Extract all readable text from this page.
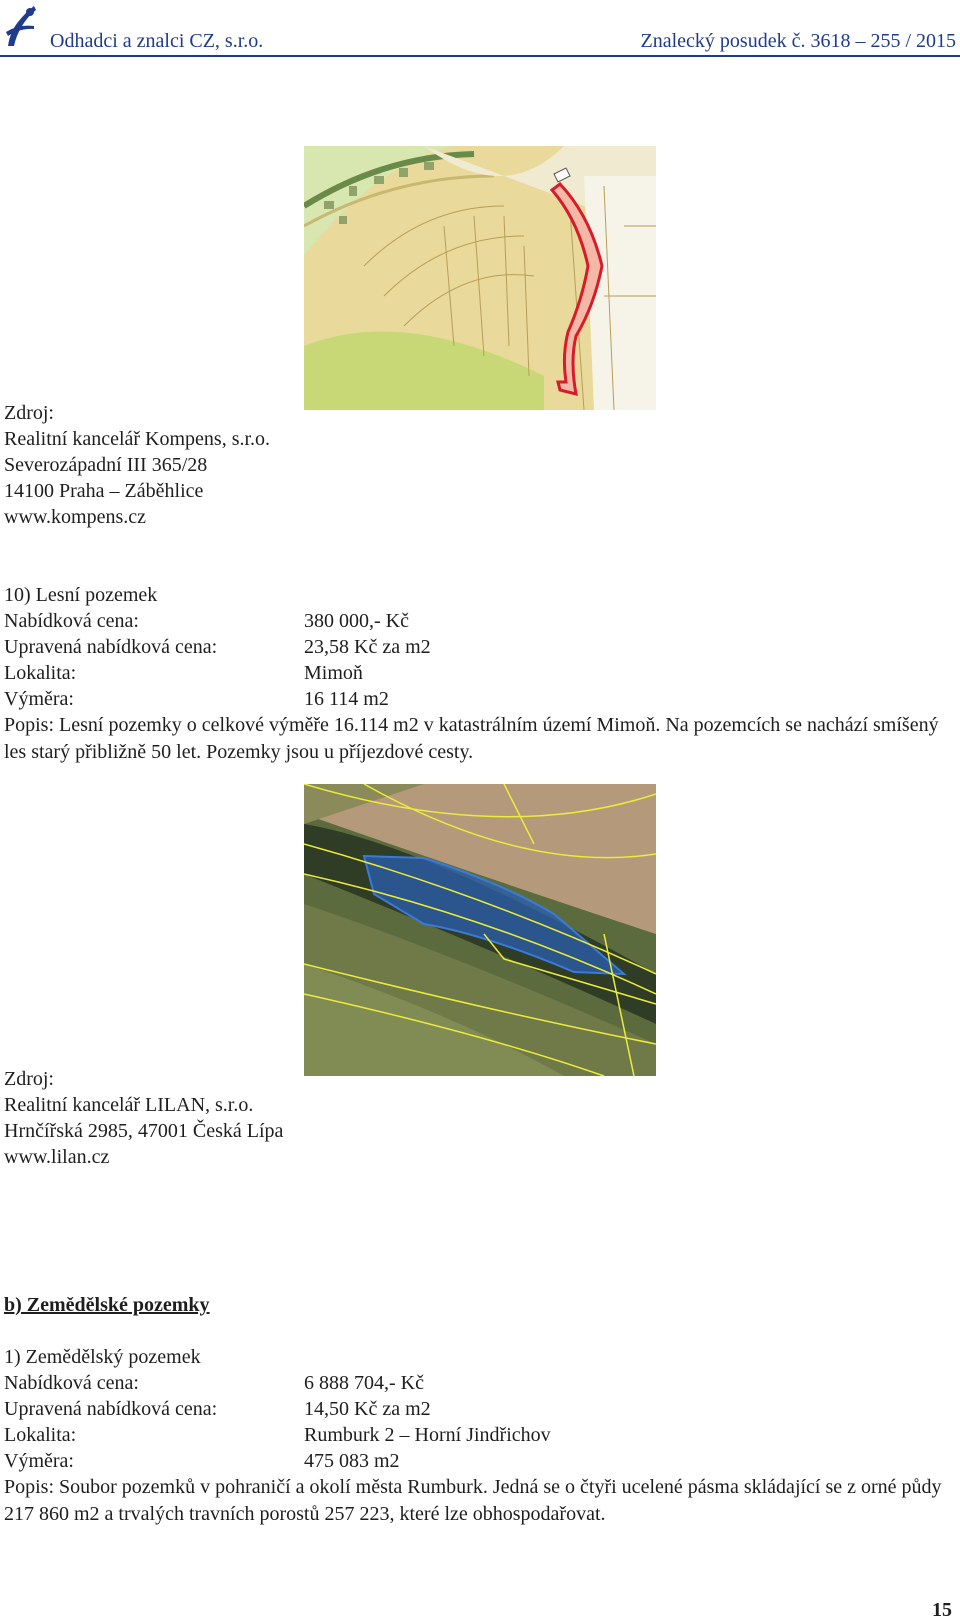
Odhadci a znalci CZ, s.r.o.	Znalecký posudek č. 3618 – 255 / 2015
Zdroj:
Realitní kancelář Kompens, s.r.o.
Severozápadní III 365/28
14100 Praha – Záběhlice
www.kompens.cz
10) Lesní pozemek
Nabídková cena:	380 000,- Kč
Upravená nabídková cena:	23,58 Kč za m2
Lokalita:	Mimoň
Výměra:	16 114 m2
Popis: Lesní pozemky o celkové výměře 16.114 m2 v katastrálním území Mimoň. Na pozemcích se nachází smíšený les starý přibližně 50 let. Pozemky jsou u příjezdové cesty.
Zdroj:
Realitní kancelář LILAN, s.r.o.
Hrnčířská 2985, 47001 Česká Lípa
www.lilan.cz
b) Zemědělské pozemky
1) Zemědělský pozemek
Nabídková cena:	6 888 704,- Kč
Upravená nabídková cena:	14,50 Kč za m2
Lokalita:	Rumburk 2 – Horní Jindřichov
Výměra:	475 083 m2
Popis: Soubor pozemků v pohraničí a okolí města Rumburk. Jedná se o čtyři ucelené pásma skládající se z orné půdy 217 860 m2 a trvalých travních porostů 257 223, které lze obhospodařovat.
15
